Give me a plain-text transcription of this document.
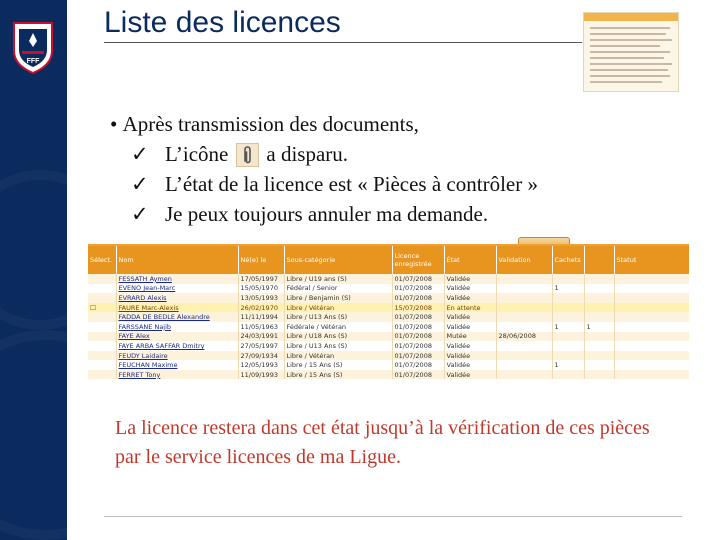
FFF
Liste des licences
• Après transmission des documents,
✓ L’icône a disparu.
✓ L’état de la licence est « Pièces à contrôler »
✓ Je peux toujours annuler ma demande.
Sélect.	Nom	Né(e) le	Sous-catégorie	Licence enregistrée	État	Validation	Cachets		Statut
	FESSATH Aymen	17/05/1997	Libre / U19 ans (S)	01/07/2008	Validée				
	EVENO Jean-Marc	15/05/1970	Fédéral / Senior	01/07/2008	Validée		1		
	EVRARD Alexis	13/05/1993	Libre / Benjamin (S)	01/07/2008	Validée				
☐	FAURE Marc-Alexis	26/02/1970	Libre / Vétéran	15/07/2008	En attente				
	FADDA DE BEDLE Alexandre	11/11/1994	Libre / U13 Ans (S)	01/07/2008	Validée				
	FARSSANE Najib	11/05/1963	Fédérale / Vétéran	01/07/2008	Validée		1	1	
	FAYE Alex	24/03/1991	Libre / U18 Ans (S)	01/07/2008	Mutée	28/06/2008			
	FAYE ARBA SAFFAR Dmitry	27/05/1997	Libre / U13 Ans (S)	01/07/2008	Validée				
	FEUDY Laidaire	27/09/1934	Libre / Vétéran	01/07/2008	Validée				
	FEUCHAN Maxime	12/05/1993	Libre / 15 Ans (S)	01/07/2008	Validée		1		
	FERRET Tony	11/09/1993	Libre / 15 Ans (S)	01/07/2008	Validée				

La licence restera dans cet état jusqu’à la vérification de ces pièces par le service licences de ma Ligue.
